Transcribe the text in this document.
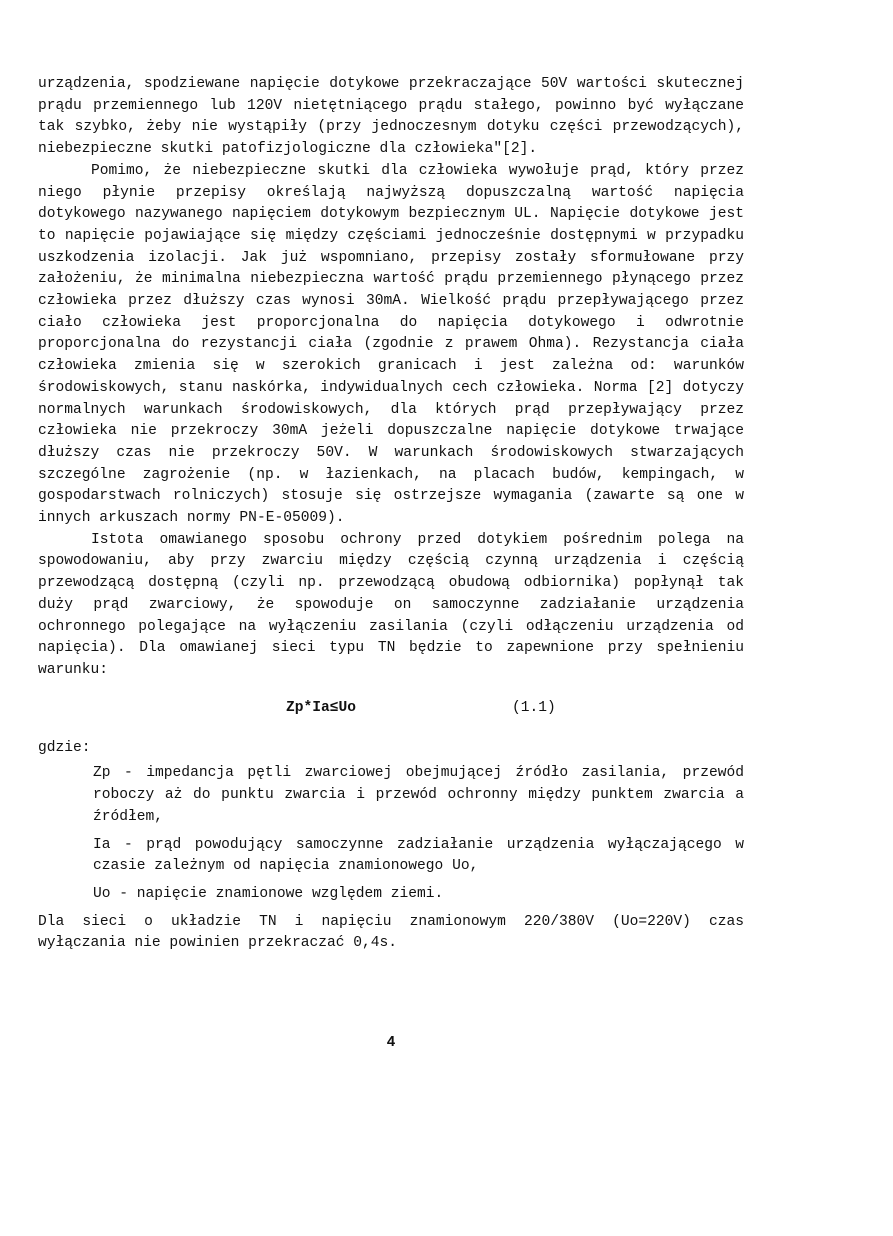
urządzenia, spodziewane napięcie dotykowe przekraczające 50V wartości skutecznej prądu przemiennego lub 120V nietętniącego prądu stałego, powinno być wyłączane tak szybko, żeby nie wystąpiły (przy jednoczesnym dotyku części przewodzących), niebezpieczne skutki patofizjologiczne dla człowieka"[2].

Pomimo, że niebezpieczne skutki dla człowieka wywołuje prąd, który przez niego płynie przepisy określają najwyższą dopuszczalną wartość napięcia dotykowego nazywanego napięciem dotykowym bezpiecznym UL. Napięcie dotykowe jest to napięcie pojawiające się między częściami jednocześnie dostępnymi w przypadku uszkodzenia izolacji. Jak już wspomniano, przepisy zostały sformułowane przy założeniu, że minimalna niebezpieczna wartość prądu przemiennego płynącego przez człowieka przez dłuższy czas wynosi 30mA. Wielkość prądu przepływającego przez ciało człowieka jest proporcjonalna do napięcia dotykowego i odwrotnie proporcjonalna do rezystancji ciała (zgodnie z prawem Ohma). Rezystancja ciała człowieka zmienia się w szerokich granicach i jest zależna od: warunków środowiskowych, stanu naskórka, indywidualnych cech człowieka. Norma [2] dotyczy normalnych warunkach środowiskowych, dla których prąd przepływający przez człowieka nie przekroczy 30mA jeżeli dopuszczalne napięcie dotykowe trwające dłuższy czas nie przekroczy 50V. W warunkach środowiskowych stwarzających szczególne zagrożenie (np. w łazienkach, na placach budów, kempingach, w gospodarstwach rolniczych) stosuje się ostrzejsze wymagania (zawarte są one w innych arkuszach normy PN-E-05009).

Istota omawianego sposobu ochrony przed dotykiem pośrednim polega na spowodowaniu, aby przy zwarciu między częścią czynną urządzenia i częścią przewodzącą dostępną (czyli np. przewodzącą obudową odbiornika) popłynął tak duży prąd zwarciowy, że spowoduje on samoczynne zadziałanie urządzenia ochronnego polegające na wyłączeniu zasilania (czyli odłączeniu urządzenia od napięcia). Dla omawianej sieci typu TN będzie to zapewnione przy spełnieniu warunku:

Zp*Ia≤Uo	(1.1)
gdzie:

Zp - impedancja pętli zwarciowej obejmującej źródło zasilania, przewód roboczy aż do punktu zwarcia i przewód ochronny między punktem zwarcia a źródłem,

Ia - prąd powodujący samoczynne zadziałanie urządzenia wyłączającego w czasie zależnym od napięcia znamionowego Uo,

Uo - napięcie znamionowe względem ziemi.

Dla sieci o układzie TN i napięciu znamionowym 220/380V (Uo=220V) czas wyłączania nie powinien przekraczać 0,4s.

4
